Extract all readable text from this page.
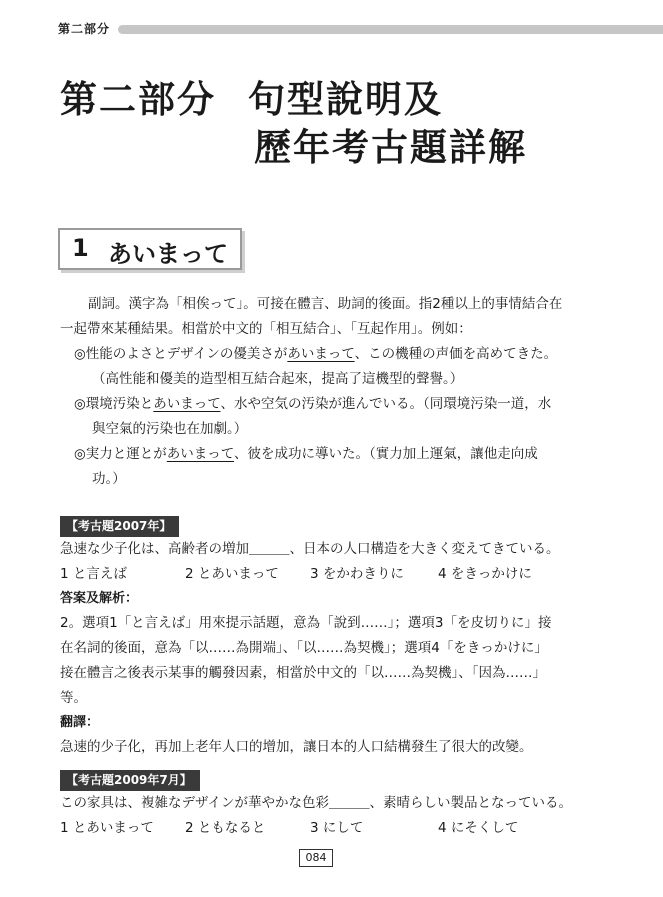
第二部分
第二部分 句型說明及
歷年考古題詳解
1 あいまって

副詞。漢字為「相俟って」。可接在體言、助詞的後面。指2種以上的事情結合在

一起帶來某種結果。相當於中文的「相互結合」、「互起作用」。例如：

◎性能のよさとデザインの優美さがあいまって、この機種の声価を高めてきた。

（高性能和優美的造型相互結合起來，提高了這機型的聲譽。）

◎環境汚染とあいまって、水や空気の汚染が進んでいる。（同環境污染一道，水
與空氣的污染也在加劇。）

◎実力と運とがあいまって、彼を成功に導いた。（實力加上運氣，讓他走向成
功。）

【考古題2007年】

急速な少子化は、高齢者の増加＿＿＿、日本の人口構造を大きく変えてきている。

1 と言えば	2 とあいまって	3 をかわきりに	4 をきっかけに

答案及解析：

2。選項1「と言えば」用來提示話題，意為「說到……」；選項3「を皮切りに」接

在名詞的後面，意為「以……為開端」、「以……為契機」；選項4「をきっかけに」

接在體言之後表示某事的觸發因素，相當於中文的「以……為契機」、「因為……」

等。

翻譯：

急速的少子化，再加上老年人口的增加，讓日本的人口結構發生了很大的改變。

【考古題2009年7月】

この家具は、複雑なデザインが華やかな色彩＿＿＿、素晴らしい製品となっている。

1 とあいまって	2 ともなると	3 にして	4 にそくして

084
